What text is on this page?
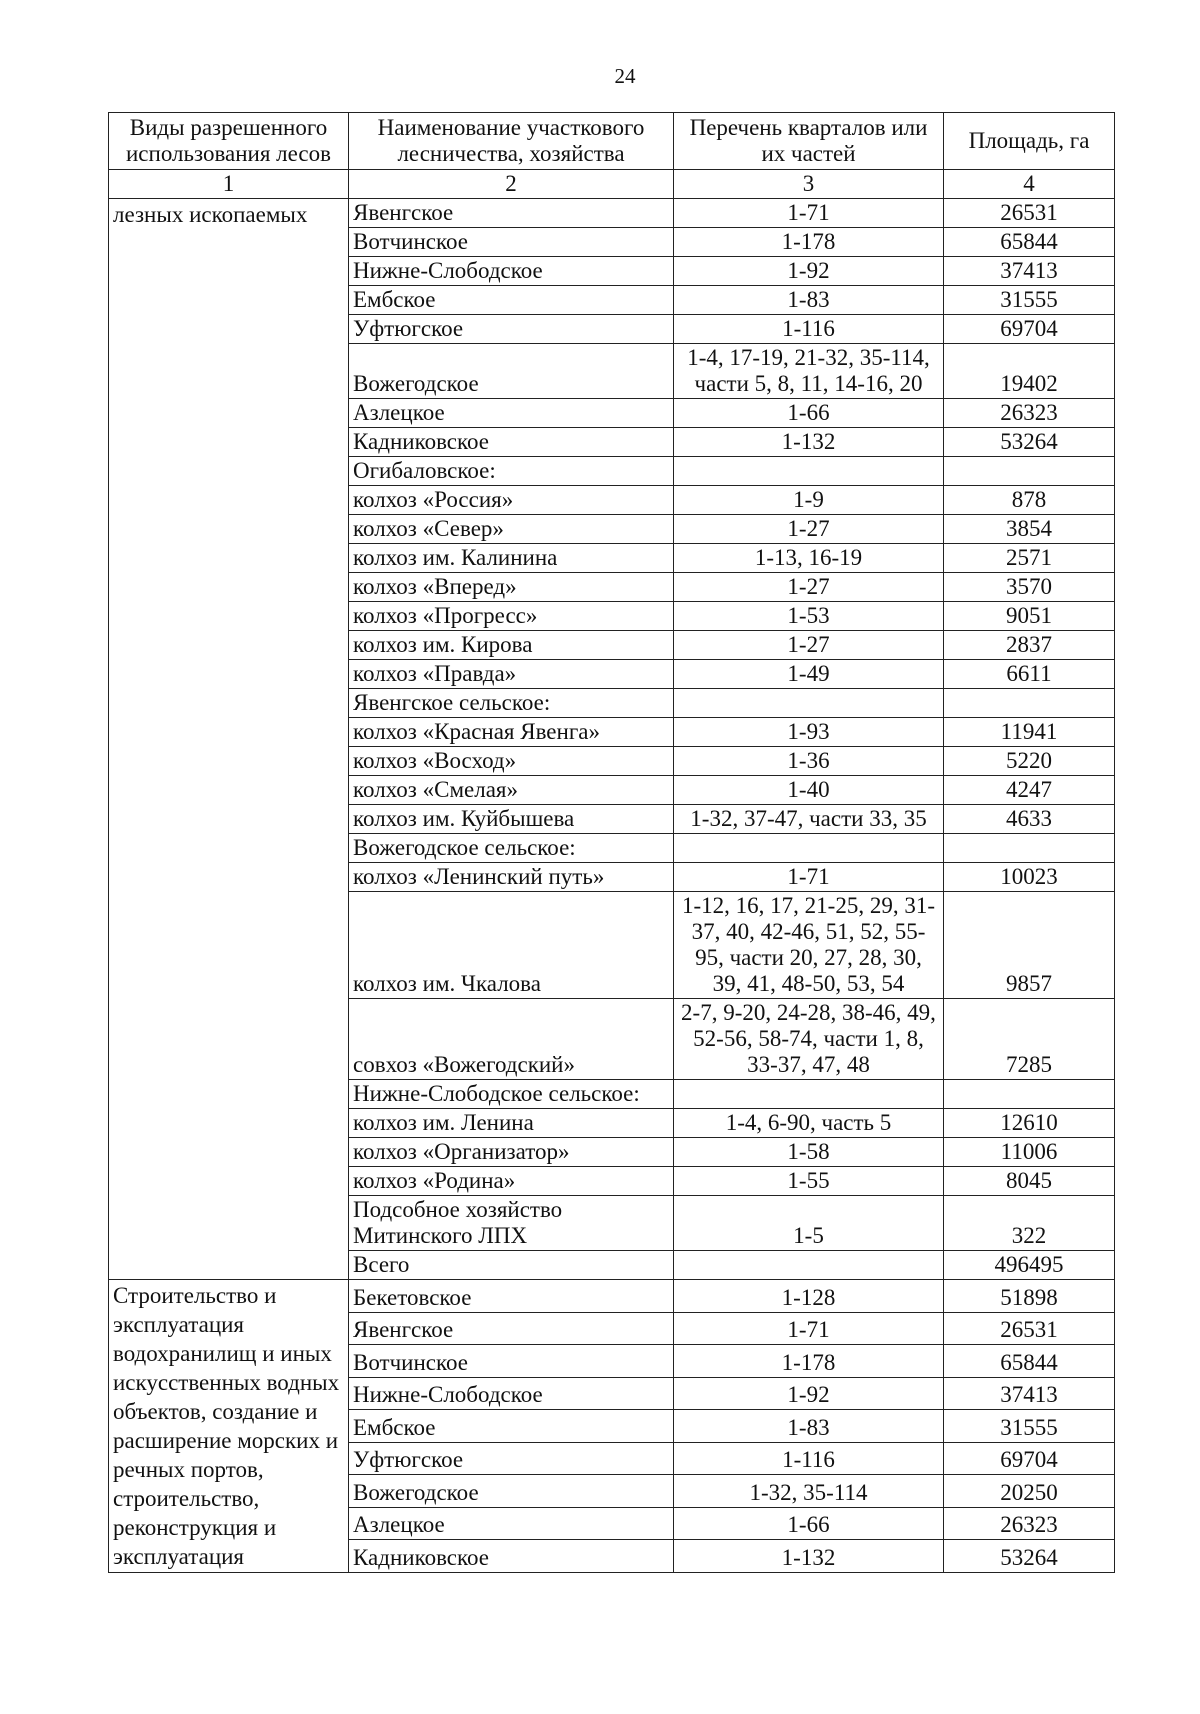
24
Виды разрешенного использования лесов	Наименование участкового лесничества, хозяйства	Перечень кварталов или их частей	Площадь, га
1	2	3	4
лезных ископаемых	Явенгское	1-71	26531
	Вотчинское	1-178	65844
	Нижне-Слободское	1-92	37413
	Ембское	1-83	31555
	Уфтюгское	1-116	69704
	Вожегодское	1-4, 17-19, 21-32, 35-114, части 5, 8, 11, 14-16, 20	19402
	Азлецкое	1-66	26323
	Кадниковское	1-132	53264
	Огибаловское:		
	колхоз «Россия»	1-9	878
	колхоз «Север»	1-27	3854
	колхоз им. Калинина	1-13, 16-19	2571
	колхоз «Вперед»	1-27	3570
	колхоз «Прогресс»	1-53	9051
	колхоз им. Кирова	1-27	2837
	колхоз «Правда»	1-49	6611
	Явенгское сельское:		
	колхоз «Красная Явенга»	1-93	11941
	колхоз «Восход»	1-36	5220
	колхоз «Смелая»	1-40	4247
	колхоз им. Куйбышева	1-32, 37-47, части 33, 35	4633
	Вожегодское сельское:		
	колхоз «Ленинский путь»	1-71	10023
	колхоз им. Чкалова	1-12, 16, 17, 21-25, 29, 31-37, 40, 42-46, 51, 52, 55-95, части 20, 27, 28, 30, 39, 41, 48-50, 53, 54	9857
	совхоз «Вожегодский»	2-7, 9-20, 24-28, 38-46, 49, 52-56, 58-74, части 1, 8, 33-37, 47, 48	7285
	Нижне-Слободское сельское:		
	колхоз им. Ленина	1-4, 6-90, часть 5	12610
	колхоз «Организатор»	1-58	11006
	колхоз «Родина»	1-55	8045
	Подсобное хозяйство Митинского ЛПХ	1-5	322
	Всего		496495
Строительство и эксплуатация водохранилищ и иных искусственных водных объектов, создание и расширение морских и речных портов, строительство, реконструкция и эксплуатация	Бекетовское	1-128	51898
	Явенгское	1-71	26531
	Вотчинское	1-178	65844
	Нижне-Слободское	1-92	37413
	Ембское	1-83	31555
	Уфтюгское	1-116	69704
	Вожегодское	1-32, 35-114	20250
	Азлецкое	1-66	26323
	Кадниковское	1-132	53264
